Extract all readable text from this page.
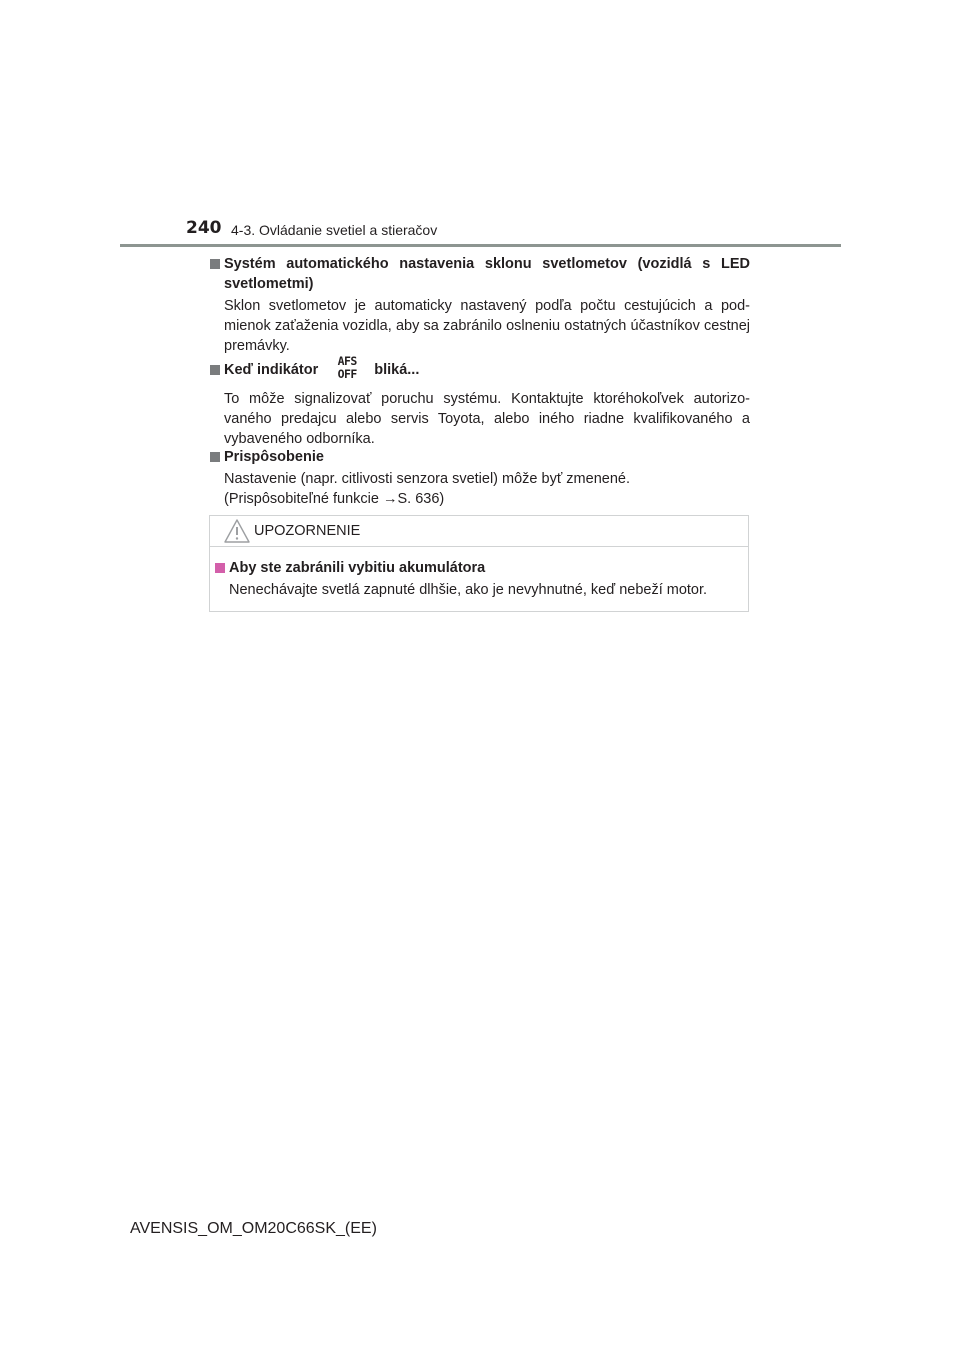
240 4-3. Ovládanie svetiel a stieračov
Systém automatického nastavenia sklonu svetlometov (vozidlá s LED svetlometmi)
Sklon svetlometov je automaticky nastavený podľa počtu cestujúcich a pod-mienok zaťaženia vozidla, aby sa zabránilo oslneniu ostatných účastníkov cestnej premávky.
Keď indikátor
AFS
OFF bliká...
To môže signalizovať poruchu systému. Kontaktujte ktoréhokoľvek autorizo-vaného predajcu alebo servis Toyota, alebo iného riadne kvalifikovaného a vybaveného odborníka.
Prispôsobenie
Nastavenie (napr. citlivosti senzora svetiel) môže byť zmenené.
(Prispôsobiteľné funkcie →S. 636)
UPOZORNENIE
Aby ste zabránili vybitiu akumulátora
Nenechávajte svetlá zapnuté dlhšie, ako je nevyhnutné, keď nebeží motor.
AVENSIS_OM_OM20C66SK_(EE)
